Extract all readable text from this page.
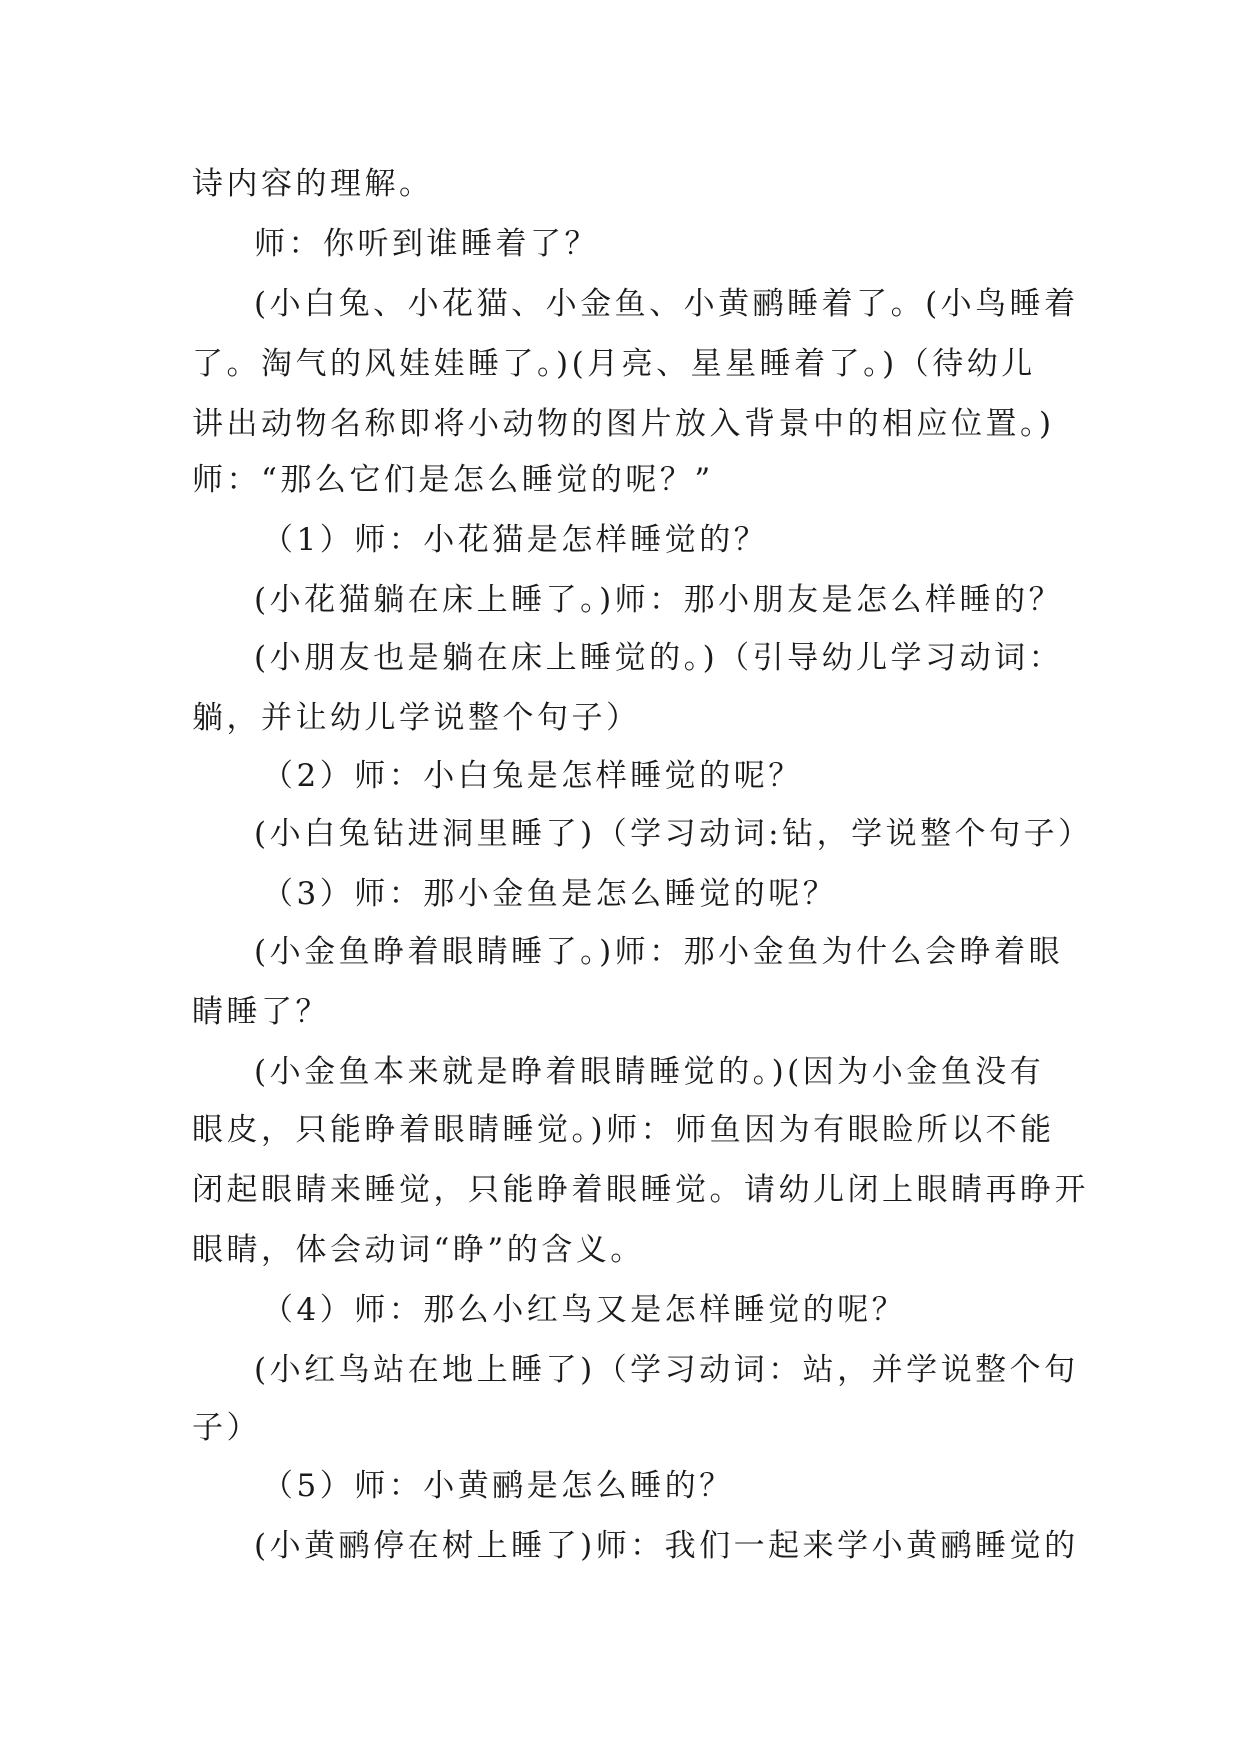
诗内容的理解。
师：你听到谁睡着了？
(小白兔、小花猫、小金鱼、小黄鹂睡着了。(小鸟睡着
了。淘气的风娃娃睡了。)(月亮、星星睡着了。)（待幼儿
讲出动物名称即将小动物的图片放入背景中的相应位置。)
师：“那么它们是怎么睡觉的呢？”
（1）师：小花猫是怎样睡觉的？
(小花猫躺在床上睡了。)师：那小朋友是怎么样睡的？
(小朋友也是躺在床上睡觉的。)（引导幼儿学习动词：
躺，并让幼儿学说整个句子）
（2）师：小白兔是怎样睡觉的呢？
(小白兔钻进洞里睡了)（学习动词:钻，学说整个句子）
（3）师：那小金鱼是怎么睡觉的呢？
(小金鱼睁着眼睛睡了。)师：那小金鱼为什么会睁着眼
睛睡了？
(小金鱼本来就是睁着眼睛睡觉的。)(因为小金鱼没有
眼皮，只能睁着眼睛睡觉。)师：师鱼因为有眼睑所以不能
闭起眼睛来睡觉，只能睁着眼睡觉。请幼儿闭上眼睛再睁开
眼睛，体会动词“睁”的含义。
（4）师：那么小红鸟又是怎样睡觉的呢？
(小红鸟站在地上睡了)（学习动词：站，并学说整个句
子）
（5）师：小黄鹂是怎么睡的？
(小黄鹂停在树上睡了)师：我们一起来学小黄鹂睡觉的
